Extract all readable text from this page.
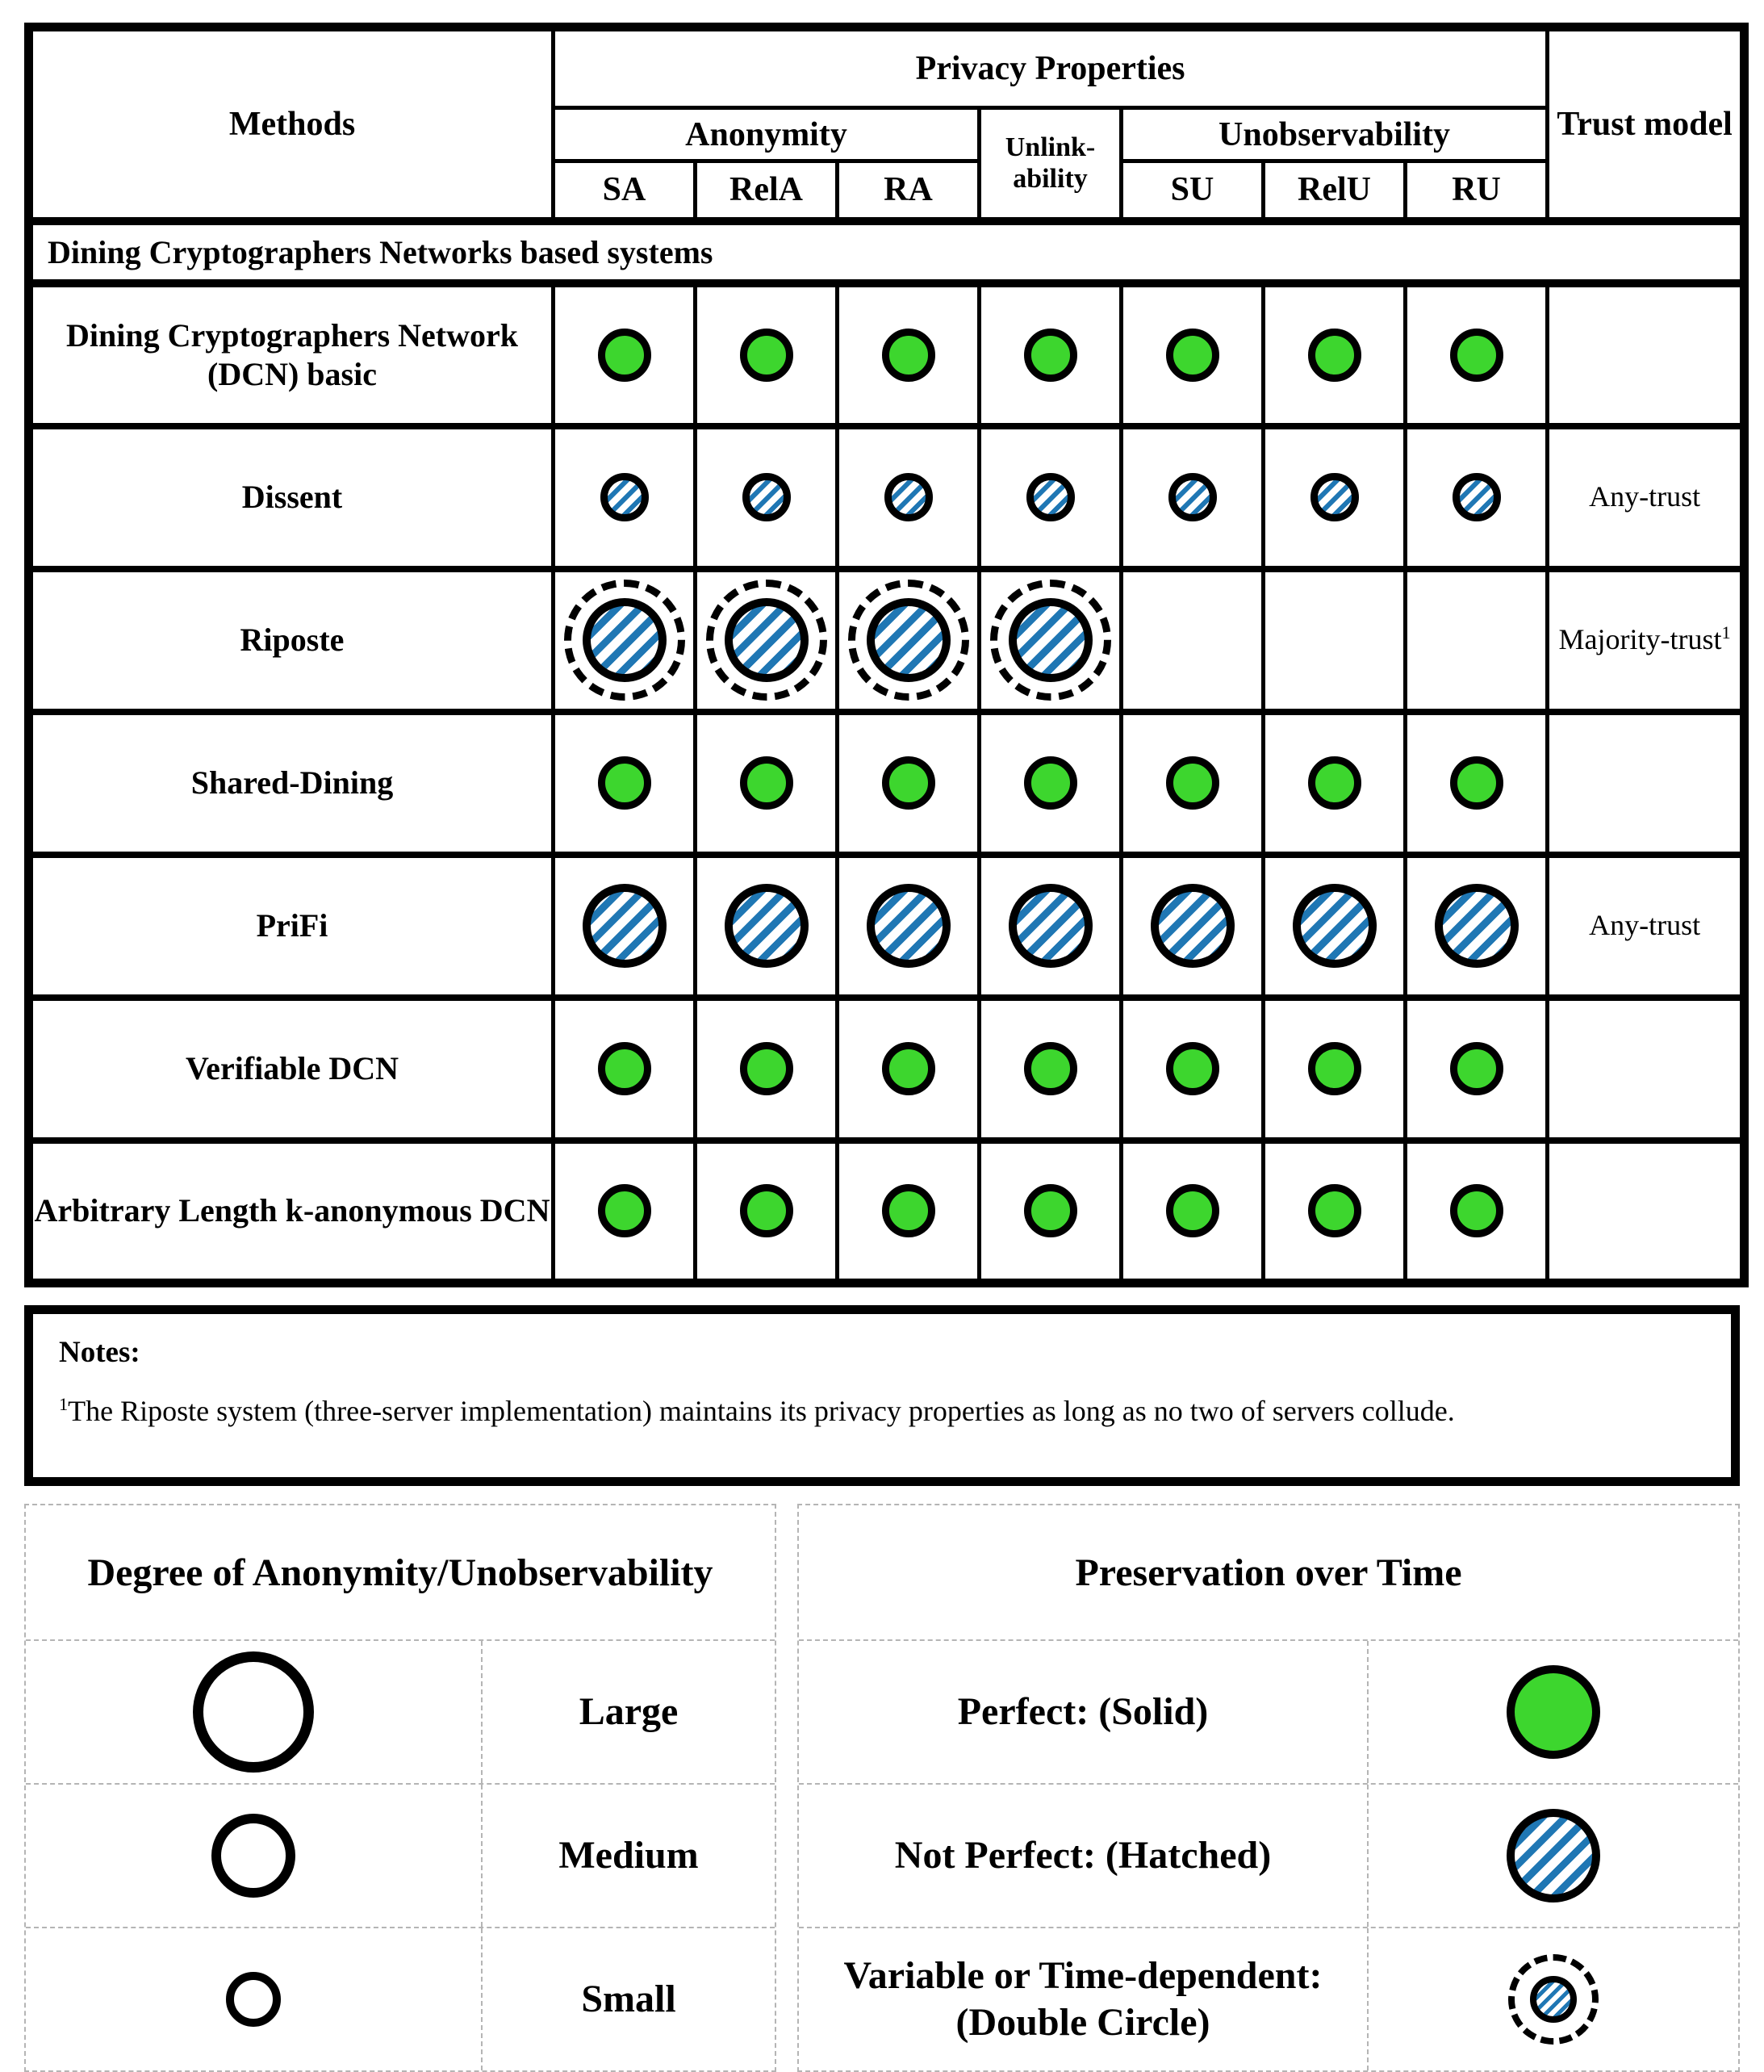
Methods	Privacy Properties							Trust model
	Anonymity			Unlink-ability	Unobservability			
	SA	RelA	RA		SU	RelU	RU	
Dining Cryptographers Networks based systems								
Dining Cryptographers Network (DCN) basic	

Dissent								Any-trust
Riposte								Majority-trust$^1$
Shared-Dining	

PriFi								Any-trust
Verifiable DCN	

Arbitrary Length k-anonymous DCN	

Notes:
$^1$The Riposte system (three-server implementation) maintains its privacy properties as long as no two of servers collude.
Degree of Anonymity/Unobservability
Large
Medium
Small
Preservation over Time
Perfect: (Solid)
Not Perfect: (Hatched)
Variable or Time-dependent: (Double Circle)
